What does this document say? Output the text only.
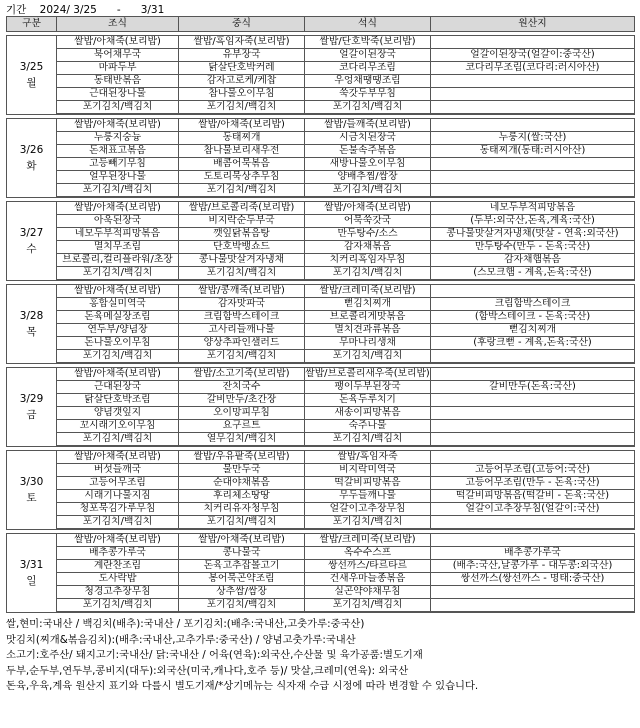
기간 2024/ 3/25 - 3/31
구분	조식	중식	석식	원산지

3/25
월	쌀밥/아채죽(보리밥)	쌀밥/흑임자죽(보리밥)	쌀밥/단호박죽(보리밥)	
	북어채무국	유부장국	얼갈이된장국	얼갈이된장국(얼갈이:중국산)
	마파두부	닭살단호박커레	코다리무조림	코다리무조림(코다리:러시아산)
	동태반볶음	감자고로케/케찹	우엉채땡땡조림	
	근대된장나물	참나물오이무침	쑥갓두부무침	
	포기김치/백김치	포기김치/백김치	포기김치/백김치	

3/26
화	쌀밥/아채죽(보리밥)	쌀밥/아채죽(보리밥)	쌀밥/들깨죽(보리밥)	
	누룽지숭늉	동태찌개	시금치된장국	누룽지(쌀:국산)
	돈채표고볶음	참나물보리새우전	돈불속주볶음	동태찌개(동태:러시아산)
	고등빼기무침	배콤어묵볶음	새방나물오이무침	
	얼무된장나물	도토리묵상추무침	양배추찜/쌈장	
	포기김치/백김치	포기김치/백김치	포기김치/백김치	

3/27
수	쌀밥/아채죽(보리밥)	쌀밥/브로콜리죽(보리밥)	쌀밥/아채죽(보리밥)	네모두부적피망볶음
	아욱된장국	비지락순두부국	어묵쑥갓국	(두부:외국산,돈육,계육:국산)
	네모두부적피망볶음	깻잎닭볶음탕	만두탕수/소스	콩나물맛살겨자냉채(맛살 - 연육:외국산)
	멸치무조림	단호박뱅쇼드	감자채볶음	만두탕수(만두 - 돈육:국산)
	브로콜리,컬리플라워/초장	콩나물맛살겨자냉채	치커리흑임자무침	감자채햄볶음
	포기김치/백김치	포기김치/백김치	포기김치/백김치	(스모크햄 - 계육,돈육:국산)

3/28
목	쌀밥/아채죽(보리밥)	쌀밥/콩깨죽(보리밥)	쌀밥/크레미죽(보리밥)	
	홍합실미역국	감자맛파국	뻗김치찌개	크림함박스테이크
	돈육메실장조림	크림함박스테이크	브로콜리게맛볶음	(함박스테이크 - 돈육:국산)
	연두부/양념장	고사리들깨나물	멸치견과류볶음	뻗김치찌개
	돈나물오이무침	양상추파인샐러드	무마나리생채	(후랑크뻗 - 계육,돈육:국산)
	포기김치/백김치	포기김치/백김치	포기김치/백김치	

3/29
금	쌀밥/아채죽(보리밥)	쌀밥/소고기죽(보리밥)	쌀밥/브로콜리새우죽(보리밥)	
	근대된장국	잔치국수	팽이두부된장국	갈비만두(돈육:국산)
	닭살단호박조림	갈비만두/초간장	돈육두루치기	
	양념갯잎지	오이망피무침	새송이피망볶음	
	꼬시래기오이무침	요구르트	숙주나물	
	포기김치/백김치	열무김치/백김치	포기김치/백김치	

3/30
토	쌀밥/아채죽(보리밥)	쌀밥/우유팥죽(보리밥)	쌀밥/흑임자죽	
	버섯들깨국	물만두국	비지락미역국	고등어무조림(고등어:국산)
	고등어무조림	순대야채볶음	떡갈비피망볶음	고등어무조림(만두 - 돈육:국산)
	시래기나물지짐	후리체소땅땅	무두들깨나물	떡갈비피망볶음(떡갈비 - 돈육:국산)
	청포묵김가루무침	치커리유자청무침	얼갈이고추장무침	얼갈이고추장무침(얼갈이:국산)
	포기김치/백김치	포기김치/백김치	포기김치/백김치	

3/31
일	쌀밥/아채죽(보리밥)	쌀밥/아채죽(보리밥)	쌀밥/크레미죽(보리밥)	
	배추콩가루국	콩나물국	옥수수스프	배추콩가루국
	계란찬조림	돈육고추잡볼고기	쌍선까스/타르타르	(배추:국산,날콩가루 - 대두콩:외국산)
	도사락밥	봉어묵곤약조림	건새우마늘종볶음	쌍선까스(쌍선까스 - 명태:중국산)
	청경고추장무침	상추쌈/쌈장	실곤약야채무침	
	포기김치/백김치	포기김치/백김치	포기김치/백김치	
쌀,현미:국내산 / 백김치(배추):국내산 / 포기김치:(배추:국내산,고춧가루:중국산)
맛김치(찌개&볶음김치):(배추:국내산,고추가루:중국산) / 양념고춧가루:국내산
소고기:호주산/ 돼지고기:국내산/ 닭:국내산 / 어육(연육):외국산,수산물 및 육가공품:별도기재
두부,순두부,연두부,콩비지(대두):외국산(미국,캐나다,호주 등)/ 맛살,크레미(연육): 외국산
돈육,우육,계육 원산지 표기와 다를시 별도기재/*상기메뉴는 식자재 수급 시정에 따라 변경할 수 있습니다.
